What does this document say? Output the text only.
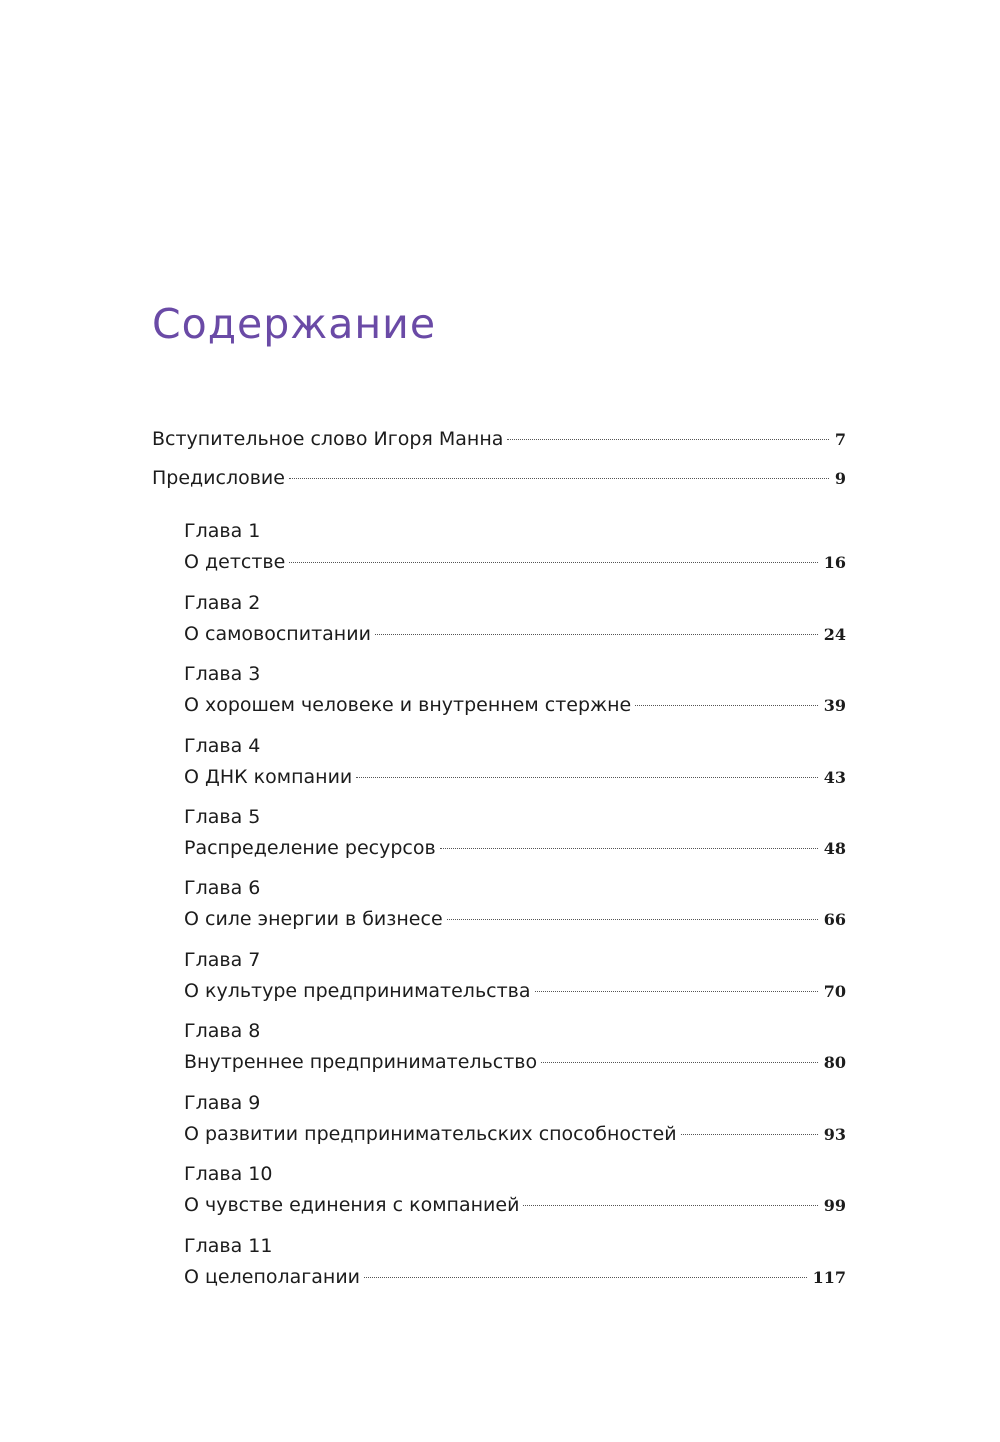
Содержание
Вступительное слово Игоря Манна	7
Предисловие	9
Глава 1
О детстве	16
Глава 2
О самовоспитании	24
Глава 3
О хорошем человеке и внутреннем стержне	39
Глава 4
О ДНК компании	43
Глава 5
Распределение ресурсов	48
Глава 6
О силе энергии в бизнесе	66
Глава 7
О культуре предпринимательства	70
Глава 8
Внутреннее предпринимательство	80
Глава 9
О развитии предпринимательских способностей	93
Глава 10
О чувстве единения с компанией	99
Глава 11
О целеполагании	117
